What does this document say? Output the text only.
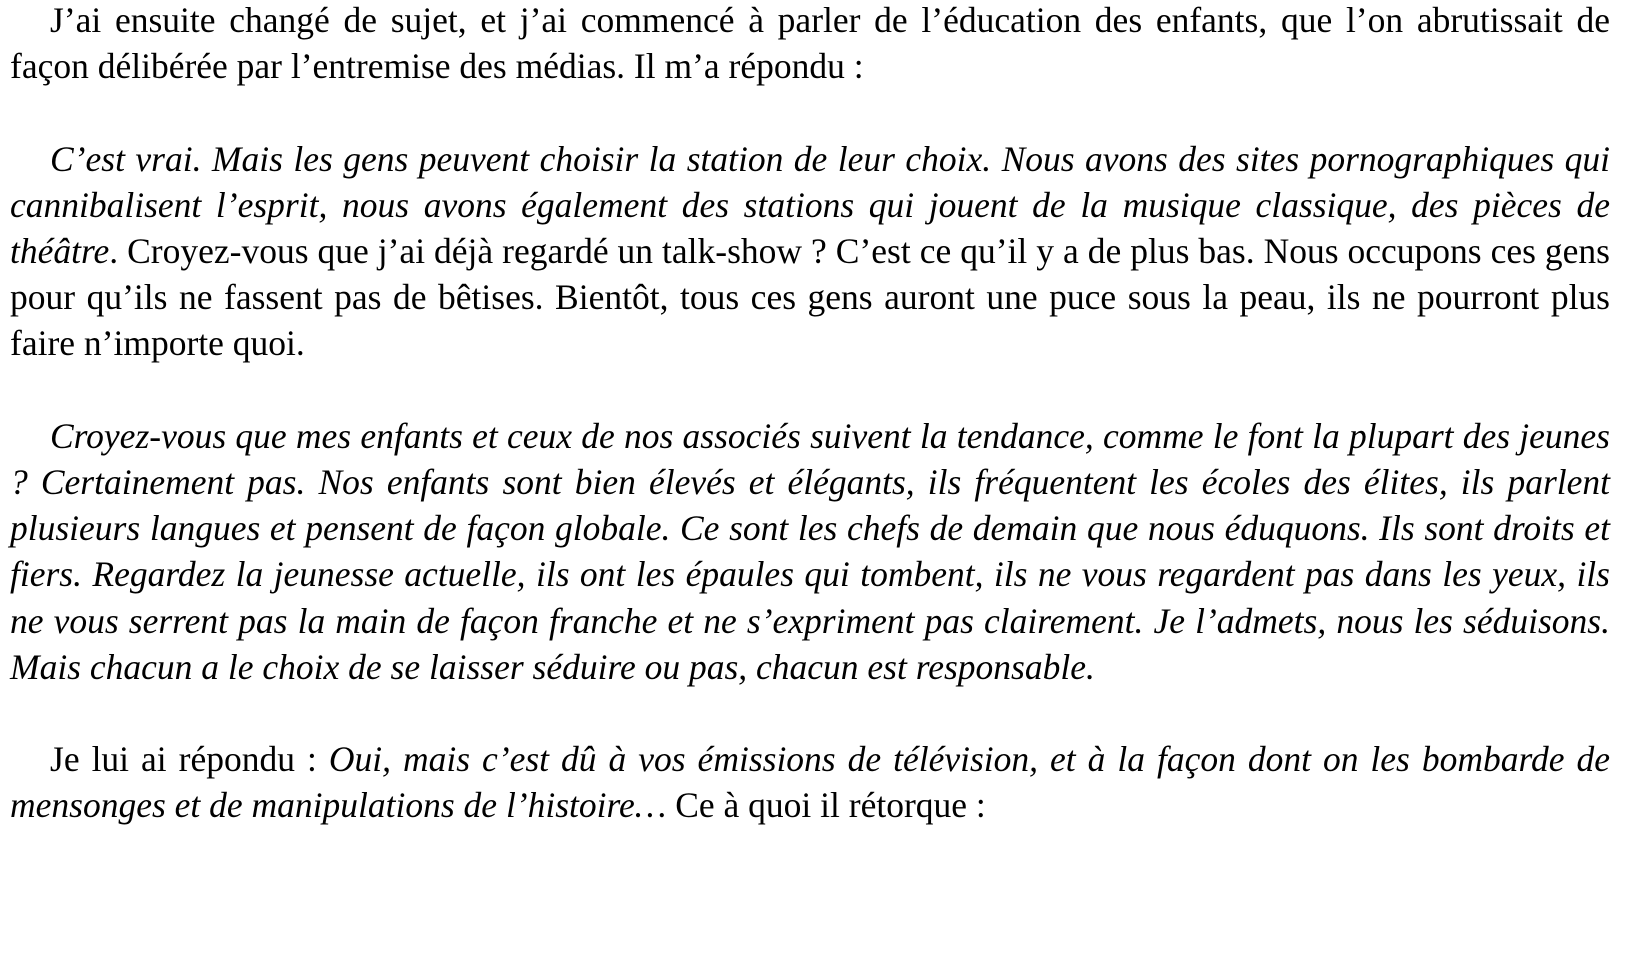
J’ai ensuite changé de sujet, et j’ai commencé à parler de l’éducation des enfants, que l’on abrutissait de façon délibérée par l’entremise des médias. Il m’a répondu :

C’est vrai. Mais les gens peuvent choisir la station de leur choix. Nous avons des sites pornographiques qui cannibalisent l’esprit, nous avons également des stations qui jouent de la musique classique, des pièces de théâtre. Croyez-vous que j’ai déjà regardé un talk-show ? C’est ce qu’il y a de plus bas. Nous occupons ces gens pour qu’ils ne fassent pas de bêtises. Bientôt, tous ces gens auront une puce sous la peau, ils ne pourront plus faire n’importe quoi.

Croyez-vous que mes enfants et ceux de nos associés suivent la tendance, comme le font la plupart des jeunes ? Certainement pas. Nos enfants sont bien élevés et élégants, ils fréquentent les écoles des élites, ils parlent plusieurs langues et pensent de façon globale. Ce sont les chefs de demain que nous éduquons. Ils sont droits et fiers. Regardez la jeunesse actuelle, ils ont les épaules qui tombent, ils ne vous regardent pas dans les yeux, ils ne vous serrent pas la main de façon franche et ne s’expriment pas clairement. Je l’admets, nous les séduisons. Mais chacun a le choix de se laisser séduire ou pas, chacun est responsable.

Je lui ai répondu : Oui, mais c’est dû à vos émissions de télévision, et à la façon dont on les bombarde de mensonges et de manipulations de l’histoire… Ce à quoi il rétorque :
